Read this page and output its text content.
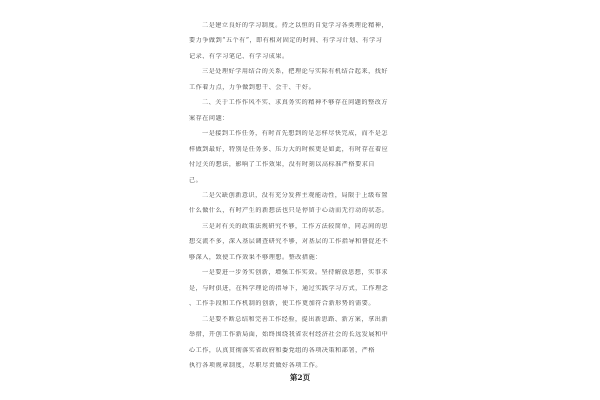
二是建立良好的学习制度。持之以恒的自觉学习各类理论精神，
要力争做到“五个有”，即有相对固定的时间、有学习计划、有学习
记录、有学习笔记、有学习成果。
三是处理好学用结合的关系，把理论与实际有机结合起来，找好
工作着力点，力争做到想干、会干、干好。
二、关于工作作风不实、求真务实的精神不够存在问题的整改方
案存在问题：
一是接到工作任务，有时首先想到的是怎样尽快完成，而不是怎
样做到最好，特别是任务多、压力大的时候更是如此，有时存在着应
付过关的想法，影响了工作效果，没有时刻以高标准严格要求自
己。
二是欠缺创新意识，没有充分发挥主观能动性，局限于上级布置
什么做什么，有时产生的新想法也只是停留于心动而无行动的状态。
三是对有关的政策法规研究不够，工作方法较简单，同志间的思
想交流不多，深入基层调查研究不够，对基层的工作指导和督促还不
够深入，致使工作效果不够理想。整改措施：
一是要进一步务实创新，增强工作实效。坚持解放思想，实事求
是，与时俱进，在科学理论的指导下，通过实践学习方式，工作理念
、工作手段和工作机制的创新，使工作更加符合新形势的需要。
二是要不断总结和完善工作经验，提出新思路、新方案，拿出新
举措，开创工作新局面，始终围绕我省农村经济社会的长远发展和中
心工作，认真贯彻落实省政府和委党组的各项决策和部署，严格
执行各项规章制度，尽职尽责做好各项工作。
第2页
